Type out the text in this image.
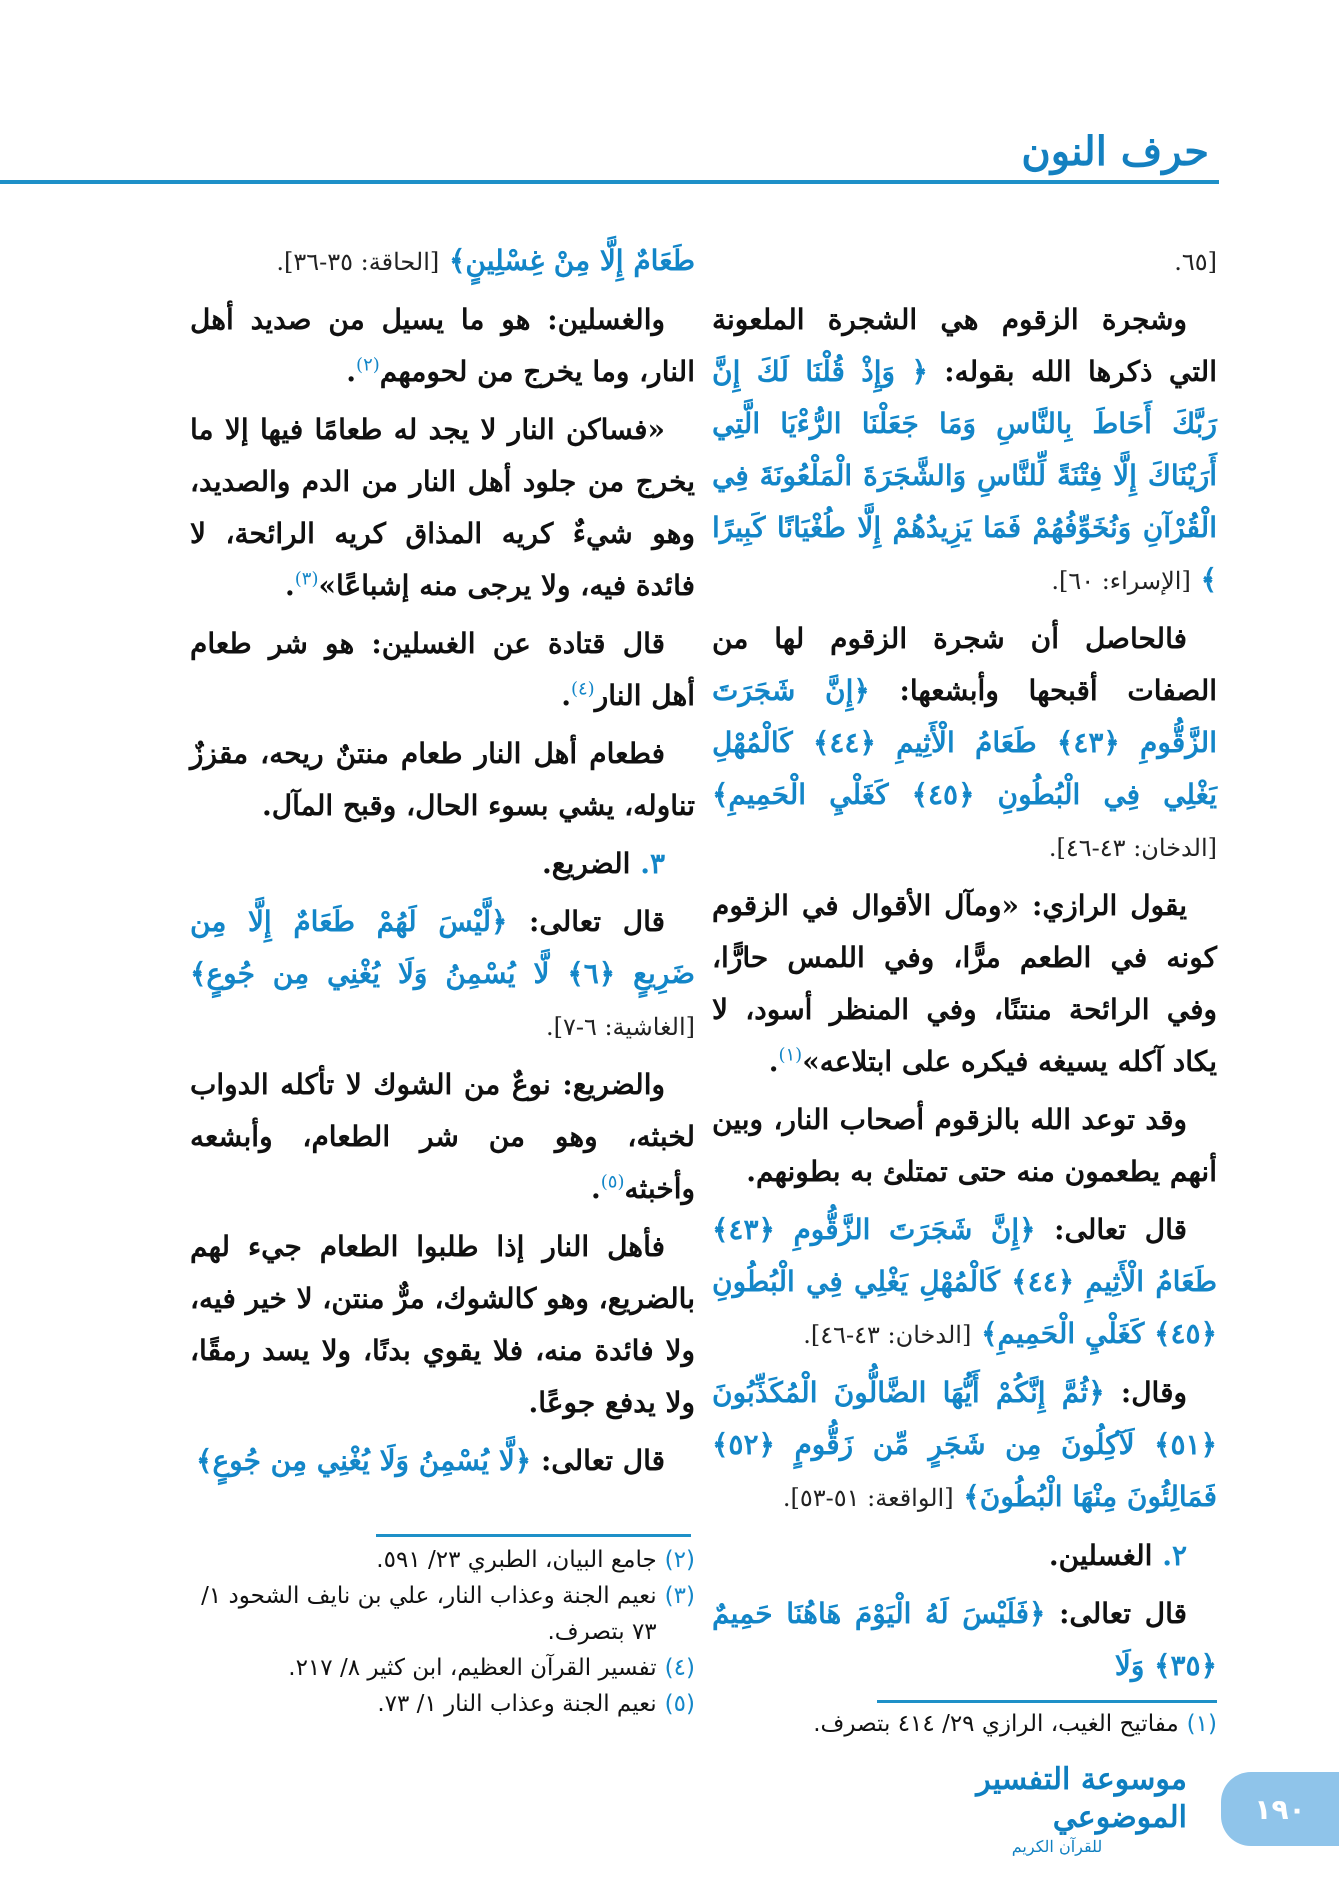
حرف النون

[٦٥.

وشجرة الزقوم هي الشجرة الملعونة التي ذكرها الله بقوله: ﴿ وَإِذْ قُلْنَا لَكَ إِنَّ رَبَّكَ أَحَاطَ بِالنَّاسِ وَمَا جَعَلْنَا الرُّءْيَا الَّتِي أَرَيْنَاكَ إِلَّا فِتْنَةً لِّلنَّاسِ وَالشَّجَرَةَ الْمَلْعُونَةَ فِي الْقُرْآنِ وَنُخَوِّفُهُمْ فَمَا يَزِيدُهُمْ إِلَّا طُغْيَانًا كَبِيرًا ﴾ [الإسراء: ٦٠].

فالحاصل أن شجرة الزقوم لها من الصفات أقبحها وأبشعها: ﴿إِنَّ شَجَرَتَ الزَّقُّومِ ﴿٤٣﴾ طَعَامُ الْأَثِيمِ ﴿٤٤﴾ كَالْمُهْلِ يَغْلِي فِي الْبُطُونِ ﴿٤٥﴾ كَغَلْيِ الْحَمِيمِ﴾ [الدخان: ٤٣-٤٦].

يقول الرازي: «ومآل الأقوال في الزقوم كونه في الطعم مرًّا، وفي اللمس حارًّا، وفي الرائحة منتنًا، وفي المنظر أسود، لا يكاد آكله يسيغه فيكره على ابتلاعه»$^{(١)}$.

وقد توعد الله بالزقوم أصحاب النار، وبين أنهم يطعمون منه حتى تمتلئ به بطونهم.

قال تعالى: ﴿إِنَّ شَجَرَتَ الزَّقُّومِ ﴿٤٣﴾ طَعَامُ الْأَثِيمِ ﴿٤٤﴾ كَالْمُهْلِ يَغْلِي فِي الْبُطُونِ ﴿٤٥﴾ كَغَلْيِ الْحَمِيمِ﴾ [الدخان: ٤٣-٤٦].

وقال: ﴿ثُمَّ إِنَّكُمْ أَيُّهَا الضَّالُّونَ الْمُكَذِّبُونَ ﴿٥١﴾ لَآكِلُونَ مِن شَجَرٍ مِّن زَقُّومٍ ﴿٥٢﴾ فَمَالِئُونَ مِنْهَا الْبُطُونَ﴾ [الواقعة: ٥١-٥٣].

٢. الغسلين.

قال تعالى: ﴿فَلَيْسَ لَهُ الْيَوْمَ هَاهُنَا حَمِيمٌ ﴿٣٥﴾ وَلَا

طَعَامٌ إِلَّا مِنْ غِسْلِينٍ﴾ [الحاقة: ٣٥-٣٦].

والغسلين: هو ما يسيل من صديد أهل النار، وما يخرج من لحومهم$^{(٢)}$.

«فساكن النار لا يجد له طعامًا فيها إلا ما يخرج من جلود أهل النار من الدم والصديد، وهو شيءٌ كريه المذاق كريه الرائحة، لا فائدة فيه، ولا يرجى منه إشباعًا»$^{(٣)}$.

قال قتادة عن الغسلين: هو شر طعام أهل النار$^{(٤)}$.

فطعام أهل النار طعام منتنٌ ريحه، مقززٌ تناوله، يشي بسوء الحال، وقبح المآل.

٣. الضريع.

قال تعالى: ﴿لَّيْسَ لَهُمْ طَعَامٌ إِلَّا مِن ضَرِيعٍ ﴿٦﴾ لَّا يُسْمِنُ وَلَا يُغْنِي مِن جُوعٍ﴾ [الغاشية: ٦-٧].

والضريع: نوعٌ من الشوك لا تأكله الدواب لخبثه، وهو من شر الطعام، وأبشعه وأخبثه$^{(٥)}$.

فأهل النار إذا طلبوا الطعام جيء لهم بالضريع، وهو كالشوك، مرٌّ منتن، لا خير فيه، ولا فائدة منه، فلا يقوي بدنًا، ولا يسد رمقًا، ولا يدفع جوعًا.

قال تعالى: ﴿لَّا يُسْمِنُ وَلَا يُغْنِي مِن جُوعٍ﴾

(١)
مفاتيح الغيب، الرازي ٢٩/ ٤١٤ بتصرف.

(٢)
جامع البيان، الطبري ٢٣/ ٥٩١.

(٣)
نعيم الجنة وعذاب النار، علي بن نايف الشحود ١/ ٧٣ بتصرف.

(٤)
تفسير القرآن العظيم، ابن كثير ٨/ ٢١٧.

(٥)
نعيم الجنة وعذاب النار ١/ ٧٣.

١٩٠
موسوعة التفسير الموضوعي
للقرآن الكريم
